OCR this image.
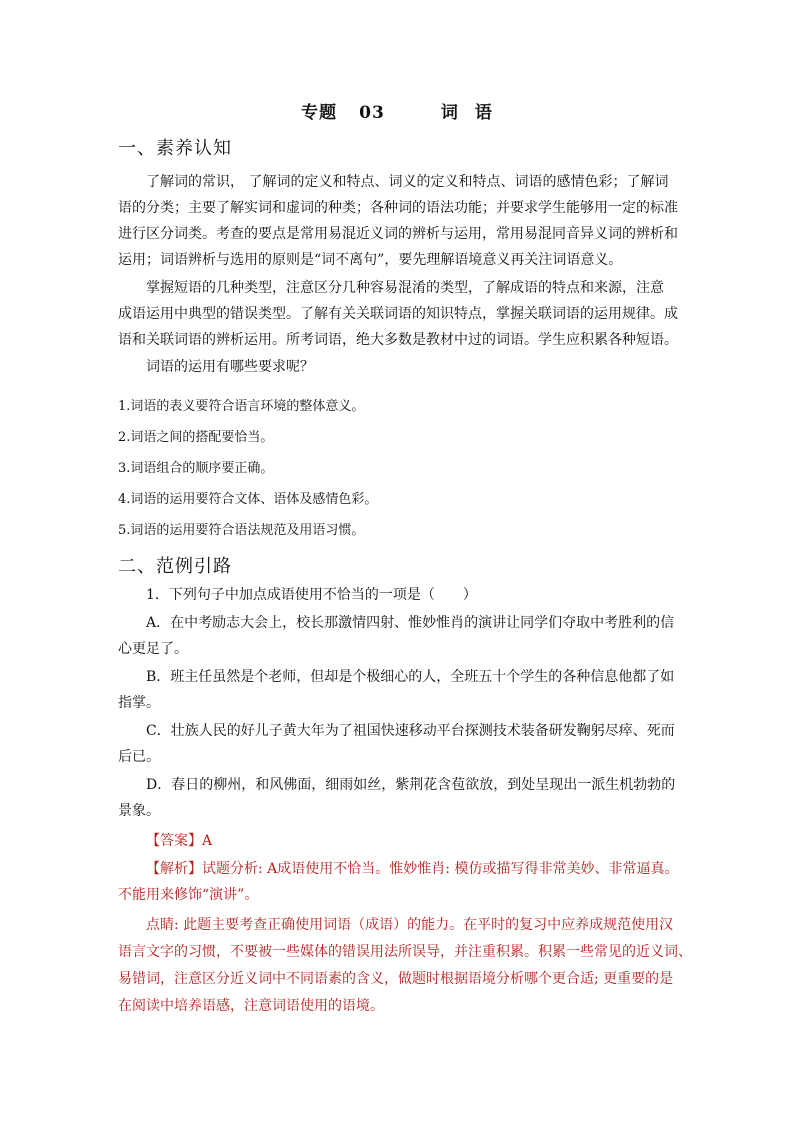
专题 03	词 语
一、素养认知
了解词的常识， 了解词的定义和特点、词义的定义和特点、词语的感情色彩；了解词
语的分类；主要了解实词和虚词的种类；各种词的语法功能；并要求学生能够用一定的标准
进行区分词类。考查的要点是常用易混近义词的辨析与运用，常用易混同音异义词的辨析和
运用；词语辨析与选用的原则是“词不离句”，要先理解语境意义再关注词语意义。
掌握短语的几种类型，注意区分几种容易混淆的类型，了解成语的特点和来源，注意
成语运用中典型的错误类型。了解有关关联词语的知识特点，掌握关联词语的运用规律。成
语和关联词语的辨析运用。所考词语，绝大多数是教材中过的词语。学生应积累各种短语。
词语的运用有哪些要求呢？
1.词语的表义要符合语言环境的整体意义。
2.词语之间的搭配要恰当。
3.词语组合的顺序要正确。
4.词语的运用要符合文体、语体及感情色彩。
5.词语的运用要符合语法规范及用语习惯。
二、范例引路
1．下列句子中加点成语使用不恰当的一项是（　　）
A．在中考励志大会上，校长那激情四射、惟妙惟肖的演讲让同学们夺取中考胜利的信
心更足了。
B．班主任虽然是个老师，但却是个极细心的人，全班五十个学生的各种信息他都了如
指掌。
C．壮族人民的好儿子黄大年为了祖国快速移动平台探测技术装备研发鞠躬尽瘁、死而
后已。
D．春日的柳州，和风佛面，细雨如丝，紫荆花含苞欲放，到处呈现出一派生机勃勃的
景象。
【答案】A
【解析】试题分析: A成语使用不恰当。惟妙惟肖: 模仿或描写得非常美妙、非常逼真。
不能用来修饰“演讲”。
点睛: 此题主要考查正确使用词语（成语）的能力。在平时的复习中应养成规范使用汉
语言文字的习惯，不要被一些媒体的错误用法所误导，并注重积累。积累一些常见的近义词、
易错词，注意区分近义词中不同语素的含义，做题时根据语境分析哪个更合适; 更重要的是
在阅读中培养语感，注意词语使用的语境。
